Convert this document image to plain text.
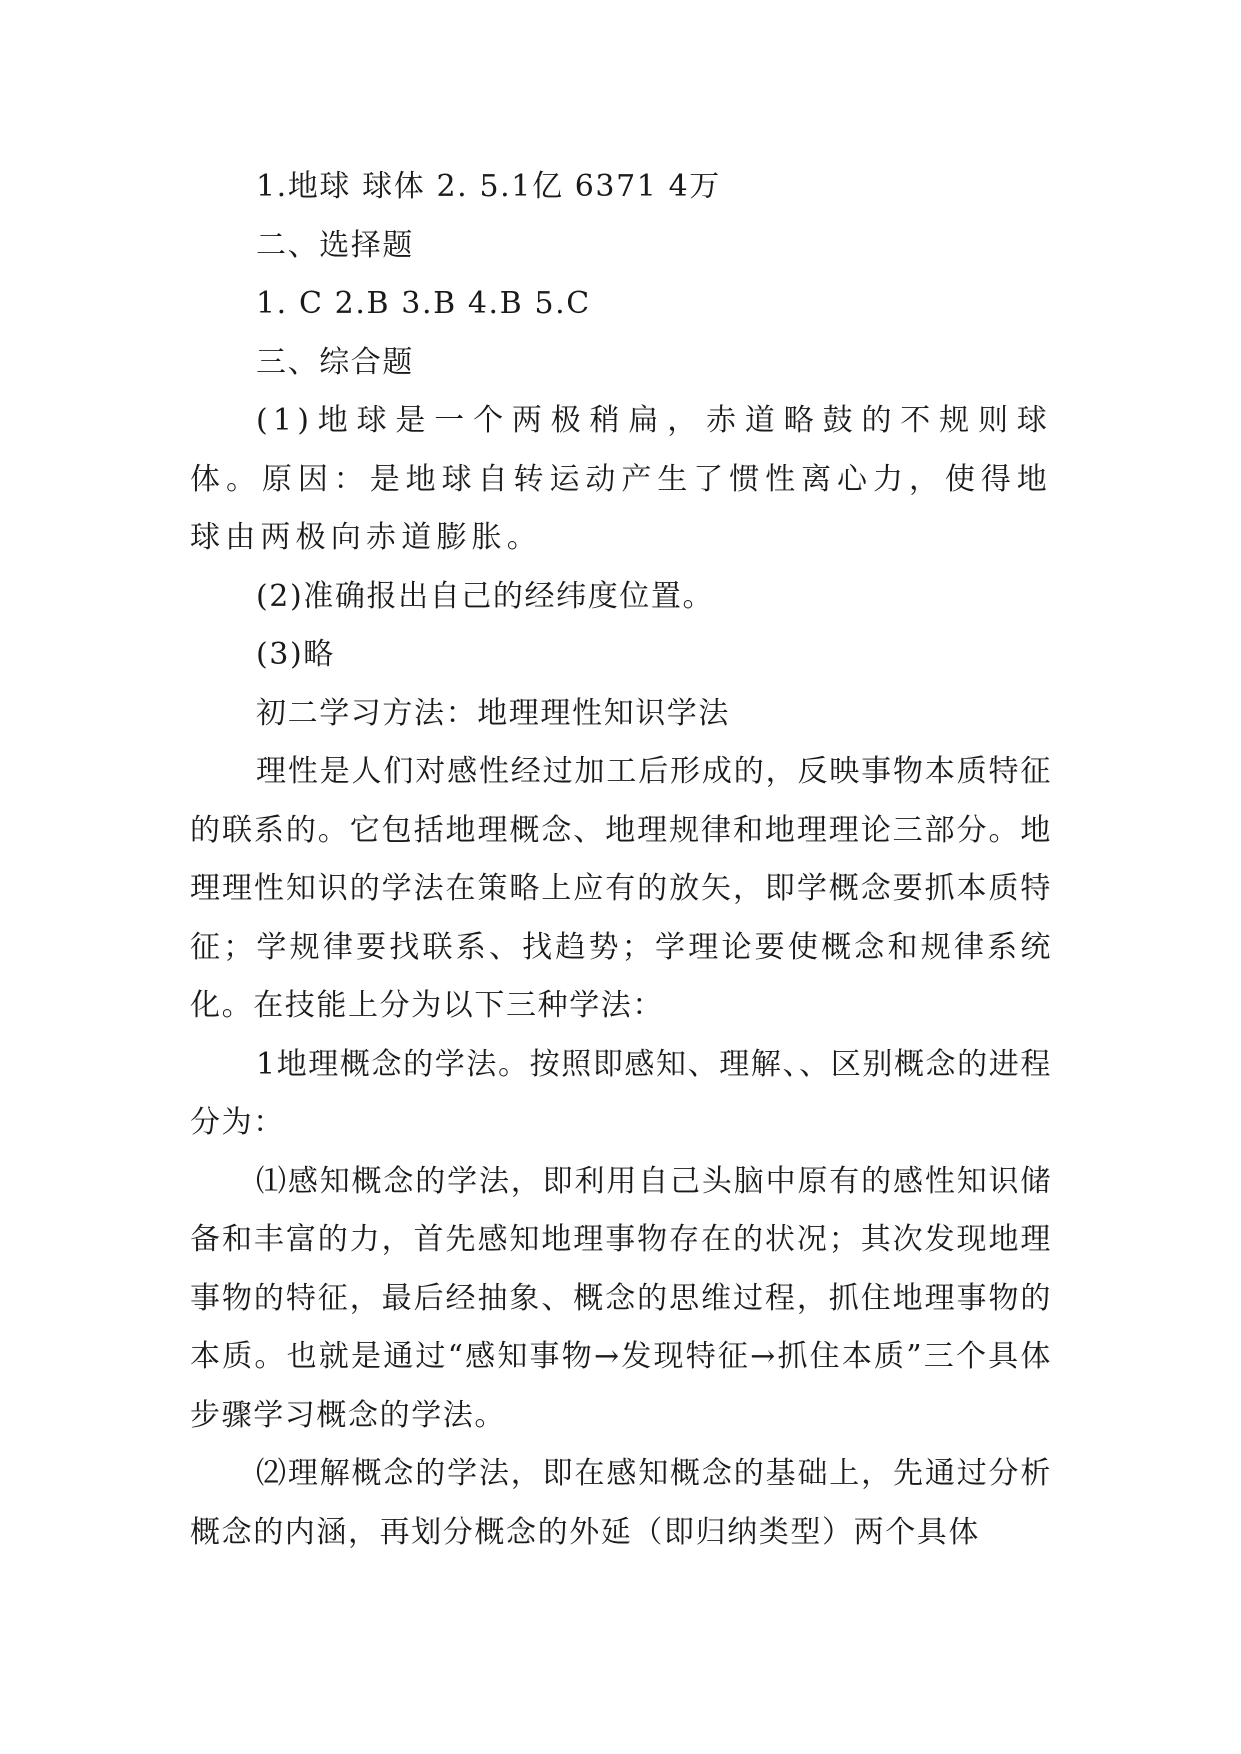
1.地球 球体 2. 5.1亿 6371 4万

二、选择题

1. C 2.B 3.B 4.B 5.C

三、综合题

(1)地球是一个两极稍扁，赤道略鼓的不规则球体。原因：是地球自转运动产生了惯性离心力，使得地球由两极向赤道膨胀。

(2)准确报出自己的经纬度位置。

(3)略

初二学习方法：地理理性知识学法

理性是人们对感性经过加工后形成的，反映事物本质特征的联系的。它包括地理概念、地理规律和地理理论三部分。地理理性知识的学法在策略上应有的放矢，即学概念要抓本质特征；学规律要找联系、找趋势；学理论要使概念和规律系统化。在技能上分为以下三种学法：

1地理概念的学法。按照即感知、理解、、区别概念的进程分为：

⑴感知概念的学法，即利用自己头脑中原有的感性知识储备和丰富的力，首先感知地理事物存在的状况；其次发现地理事物的特征，最后经抽象、概念的思维过程，抓住地理事物的本质。也就是通过“感知事物→发现特征→抓住本质”三个具体步骤学习概念的学法。

⑵理解概念的学法，即在感知概念的基础上，先通过分析概念的内涵，再划分概念的外延（即归纳类型）两个具体
